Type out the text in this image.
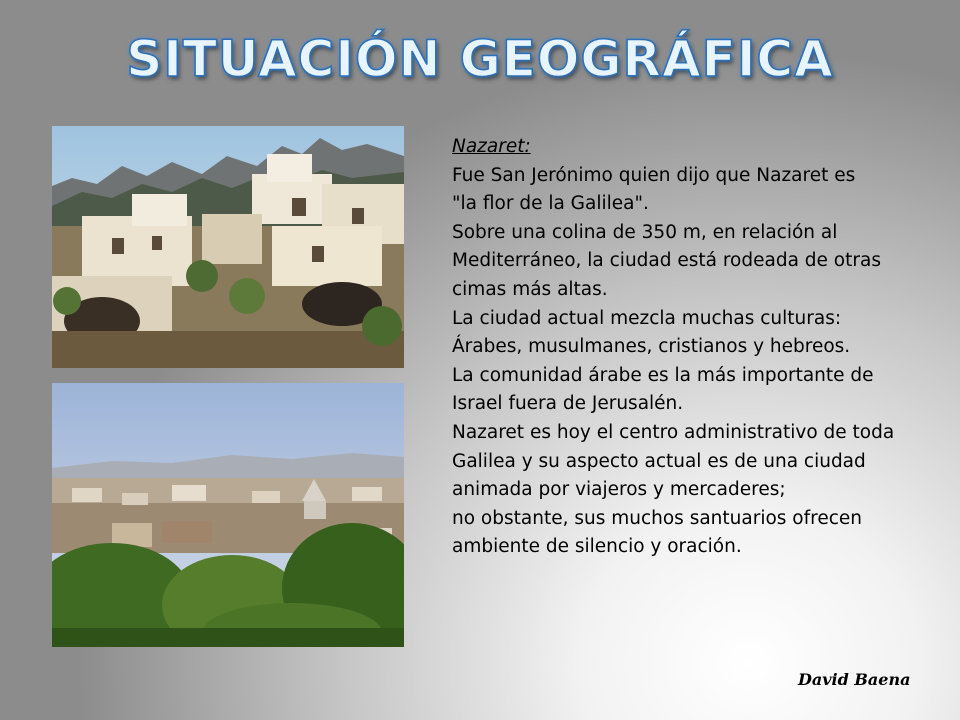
SITUACIÓN GEOGRÁFICA
Nazaret:
Fue San Jerónimo quien dijo que Nazaret es
"la flor de la Galilea".
Sobre una colina de 350 m, en relación al
Mediterráneo, la ciudad está rodeada de otras
cimas más altas.
La ciudad actual mezcla muchas culturas:
Árabes, musulmanes, cristianos y hebreos.
La comunidad árabe es la más importante de
Israel fuera de Jerusalén.
Nazaret es hoy el centro administrativo de toda
Galilea y su aspecto actual es de una ciudad
animada por viajeros y mercaderes;
no obstante, sus muchos santuarios ofrecen
ambiente de silencio y oración.
David Baena
